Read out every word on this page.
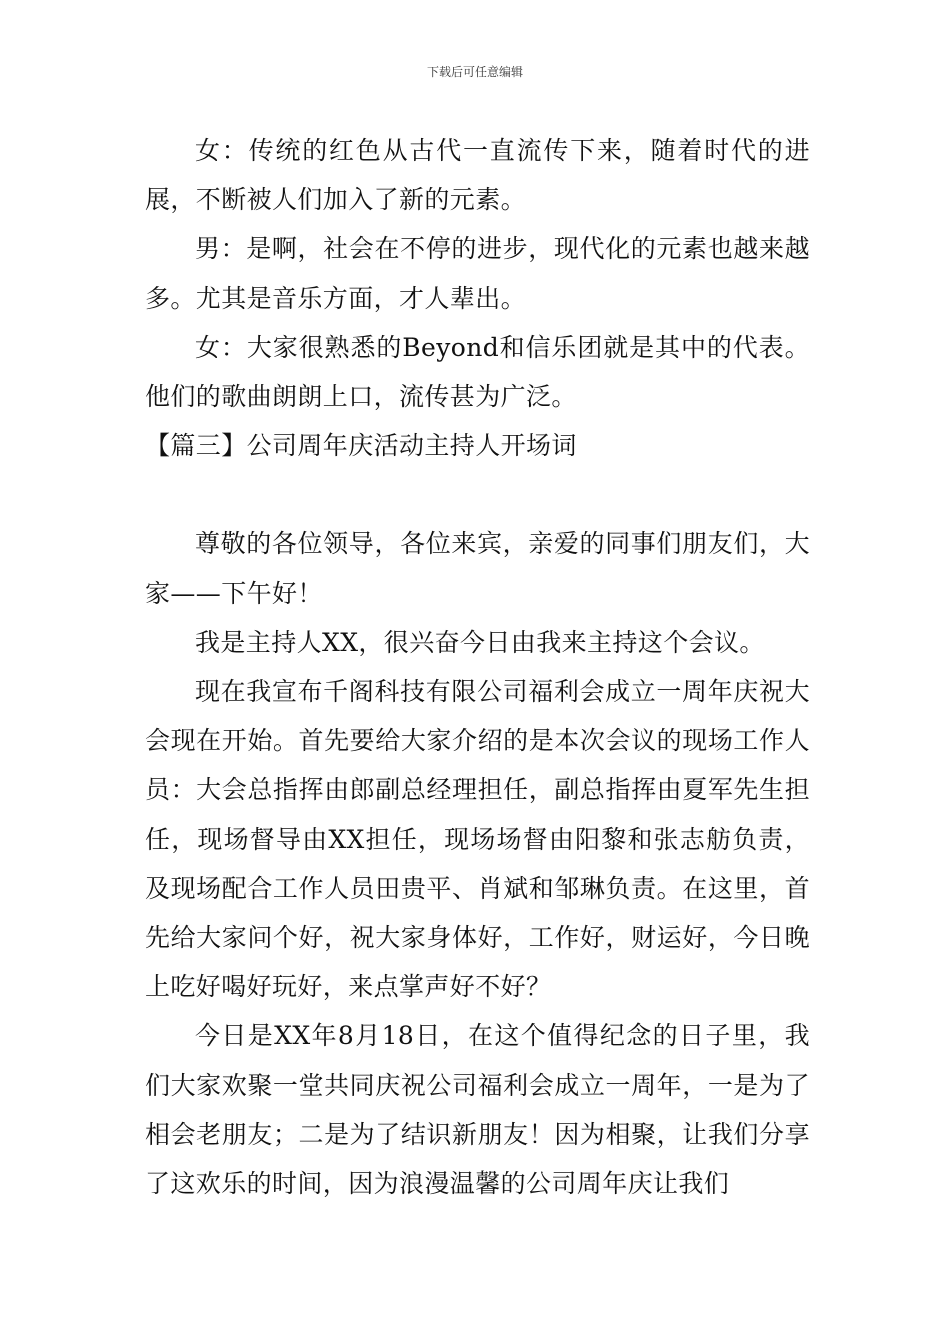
下载后可任意编辑

女：传统的红色从古代一直流传下来，随着时代的进展，不断被人们加入了新的元素。

男：是啊，社会在不停的进步，现代化的元素也越来越多。尤其是音乐方面，才人辈出。

女：大家很熟悉的Beyond和信乐团就是其中的代表。他们的歌曲朗朗上口，流传甚为广泛。

【篇三】公司周年庆活动主持人开场词

尊敬的各位领导，各位来宾，亲爱的同事们朋友们，大家——下午好！

我是主持人XX，很兴奋今日由我来主持这个会议。

现在我宣布千阁科技有限公司福利会成立一周年庆祝大会现在开始。首先要给大家介绍的是本次会议的现场工作人员：大会总指挥由郎副总经理担任，副总指挥由夏军先生担任，现场督导由XX担任，现场场督由阳黎和张志舫负责，及现场配合工作人员田贵平、肖斌和邹琳负责。在这里，首先给大家问个好，祝大家身体好，工作好，财运好，今日晚上吃好喝好玩好，来点掌声好不好？

今日是XX年8月18日，在这个值得纪念的日子里，我们大家欢聚一堂共同庆祝公司福利会成立一周年，一是为了相会老朋友；二是为了结识新朋友！因为相聚，让我们分享了这欢乐的时间，因为浪漫温馨的公司周年庆让我们
